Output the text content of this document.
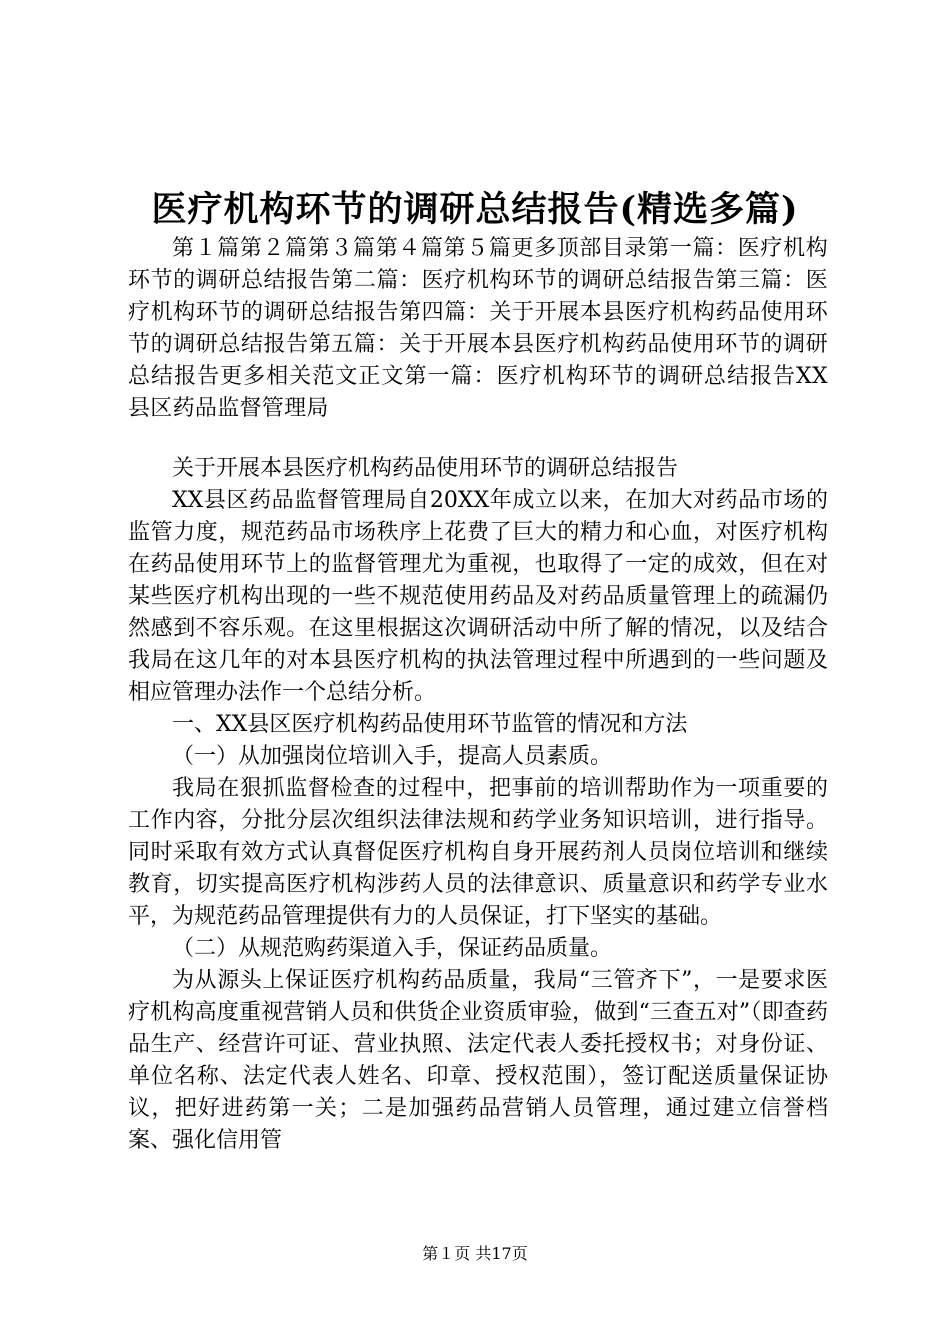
医疗机构环节的调研总结报告(精选多篇)

第１篇第２篇第３篇第４篇第５篇更多顶部目录第一篇：医疗机构环节的调研总结报告第二篇：医疗机构环节的调研总结报告第三篇：医疗机构环节的调研总结报告第四篇：关于开展本县医疗机构药品使用环节的调研总结报告第五篇：关于开展本县医疗机构药品使用环节的调研总结报告更多相关范文正文第一篇：医疗机构环节的调研总结报告XX县区药品监督管理局

关于开展本县医疗机构药品使用环节的调研总结报告

XX县区药品监督管理局自20XX年成立以来，在加大对药品市场的监管力度，规范药品市场秩序上花费了巨大的精力和心血，对医疗机构在药品使用环节上的监督管理尤为重视，也取得了一定的成效，但在对某些医疗机构出现的一些不规范使用药品及对药品质量管理上的疏漏仍然感到不容乐观。在这里根据这次调研活动中所了解的情况，以及结合我局在这几年的对本县医疗机构的执法管理过程中所遇到的一些问题及相应管理办法作一个总结分析。

一、XX县区医疗机构药品使用环节监管的情况和方法

（一）从加强岗位培训入手，提高人员素质。

我局在狠抓监督检查的过程中，把事前的培训帮助作为一项重要的工作内容，分批分层次组织法律法规和药学业务知识培训，进行指导。同时采取有效方式认真督促医疗机构自身开展药剂人员岗位培训和继续教育，切实提高医疗机构涉药人员的法律意识、质量意识和药学专业水平，为规范药品管理提供有力的人员保证，打下坚实的基础。

（二）从规范购药渠道入手，保证药品质量。

为从源头上保证医疗机构药品质量，我局“三管齐下”，一是要求医疗机构高度重视营销人员和供货企业资质审验，做到“三查五对”（即查药品生产、经营许可证、营业执照、法定代表人委托授权书；对身份证、单位名称、法定代表人姓名、印章、授权范围），签订配送质量保证协议，把好进药第一关；二是加强药品营销人员管理，通过建立信誉档案、强化信用管

第１页 共17页
